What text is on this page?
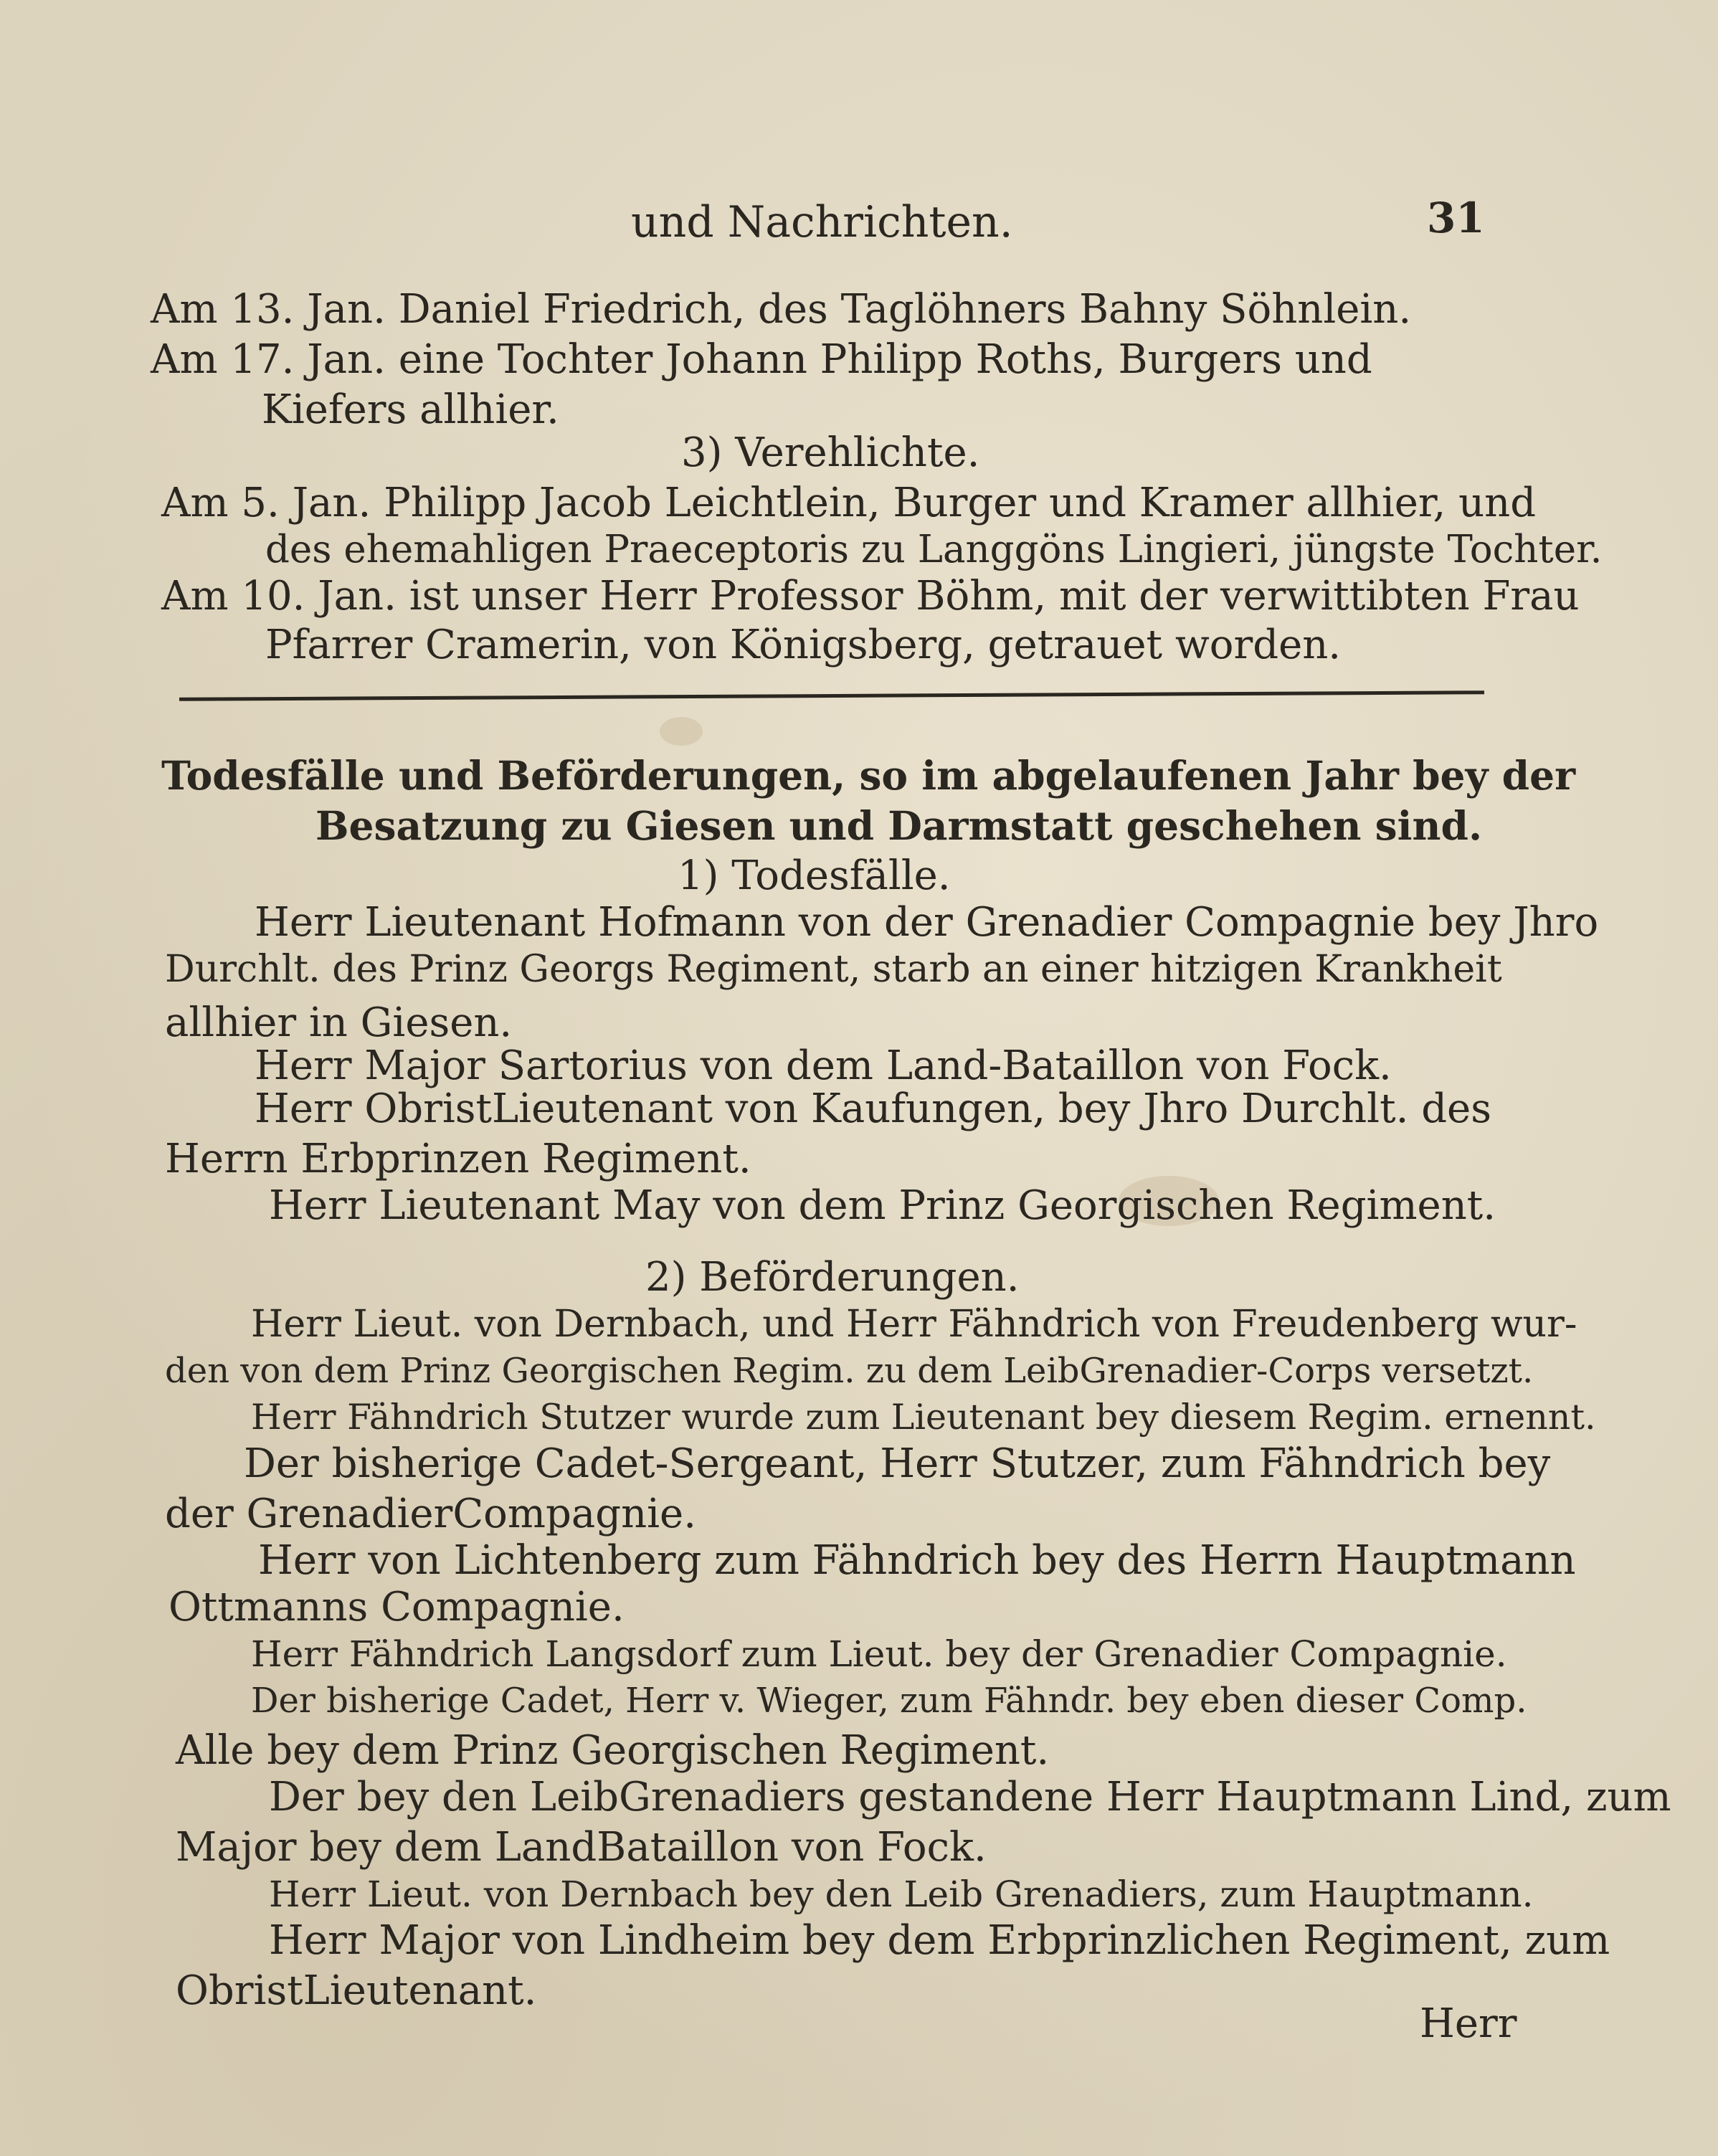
und Nachrichten.	31
Am 13. Jan. Daniel Friedrich, des Taglöhners Bahny Söhnlein.
Am 17. Jan. eine Tochter Johann Philipp Roths, Burgers und
Kiefers allhier.
3) Verehlichte.
Am 5. Jan. Philipp Jacob Leichtlein, Burger und Kramer allhier, und
des ehemahligen Praeceptoris zu Langgöns Lingieri, jüngste Tochter.
Am 10. Jan. ist unser Herr Professor Böhm, mit der verwittibten Frau
Pfarrer Cramerin, von Königsberg, getrauet worden.
Todesfälle und Beförderungen, so im abgelaufenen Jahr bey der
Besatzung zu Giesen und Darmstatt geschehen sind.
1) Todesfälle.
Herr Lieutenant Hofmann von der Grenadier Compagnie bey Jhro
Durchlt. des Prinz Georgs Regiment, starb an einer hitzigen Krankheit
allhier in Giesen.
Herr Major Sartorius von dem Land-Bataillon von Fock.
Herr ObristLieutenant von Kaufungen, bey Jhro Durchlt. des
Herrn Erbprinzen Regiment.
Herr Lieutenant May von dem Prinz Georgischen Regiment.
2) Beförderungen.
Herr Lieut. von Dernbach, und Herr Fähndrich von Freudenberg wur-
den von dem Prinz Georgischen Regim. zu dem LeibGrenadier-Corps versetzt.
Herr Fähndrich Stutzer wurde zum Lieutenant bey diesem Regim. ernennt.
Der bisherige Cadet-Sergeant, Herr Stutzer, zum Fähndrich bey
der GrenadierCompagnie.
Herr von Lichtenberg zum Fähndrich bey des Herrn Hauptmann
Ottmanns Compagnie.
Herr Fähndrich Langsdorf zum Lieut. bey der Grenadier Compagnie.
Der bisherige Cadet, Herr v. Wieger, zum Fähndr. bey eben dieser Comp.
Alle bey dem Prinz Georgischen Regiment.
Der bey den LeibGrenadiers gestandene Herr Hauptmann Lind, zum
Major bey dem LandBataillon von Fock.
Herr Lieut. von Dernbach bey den Leib Grenadiers, zum Hauptmann.
Herr Major von Lindheim bey dem Erbprinzlichen Regiment, zum
ObristLieutenant.
Herr
